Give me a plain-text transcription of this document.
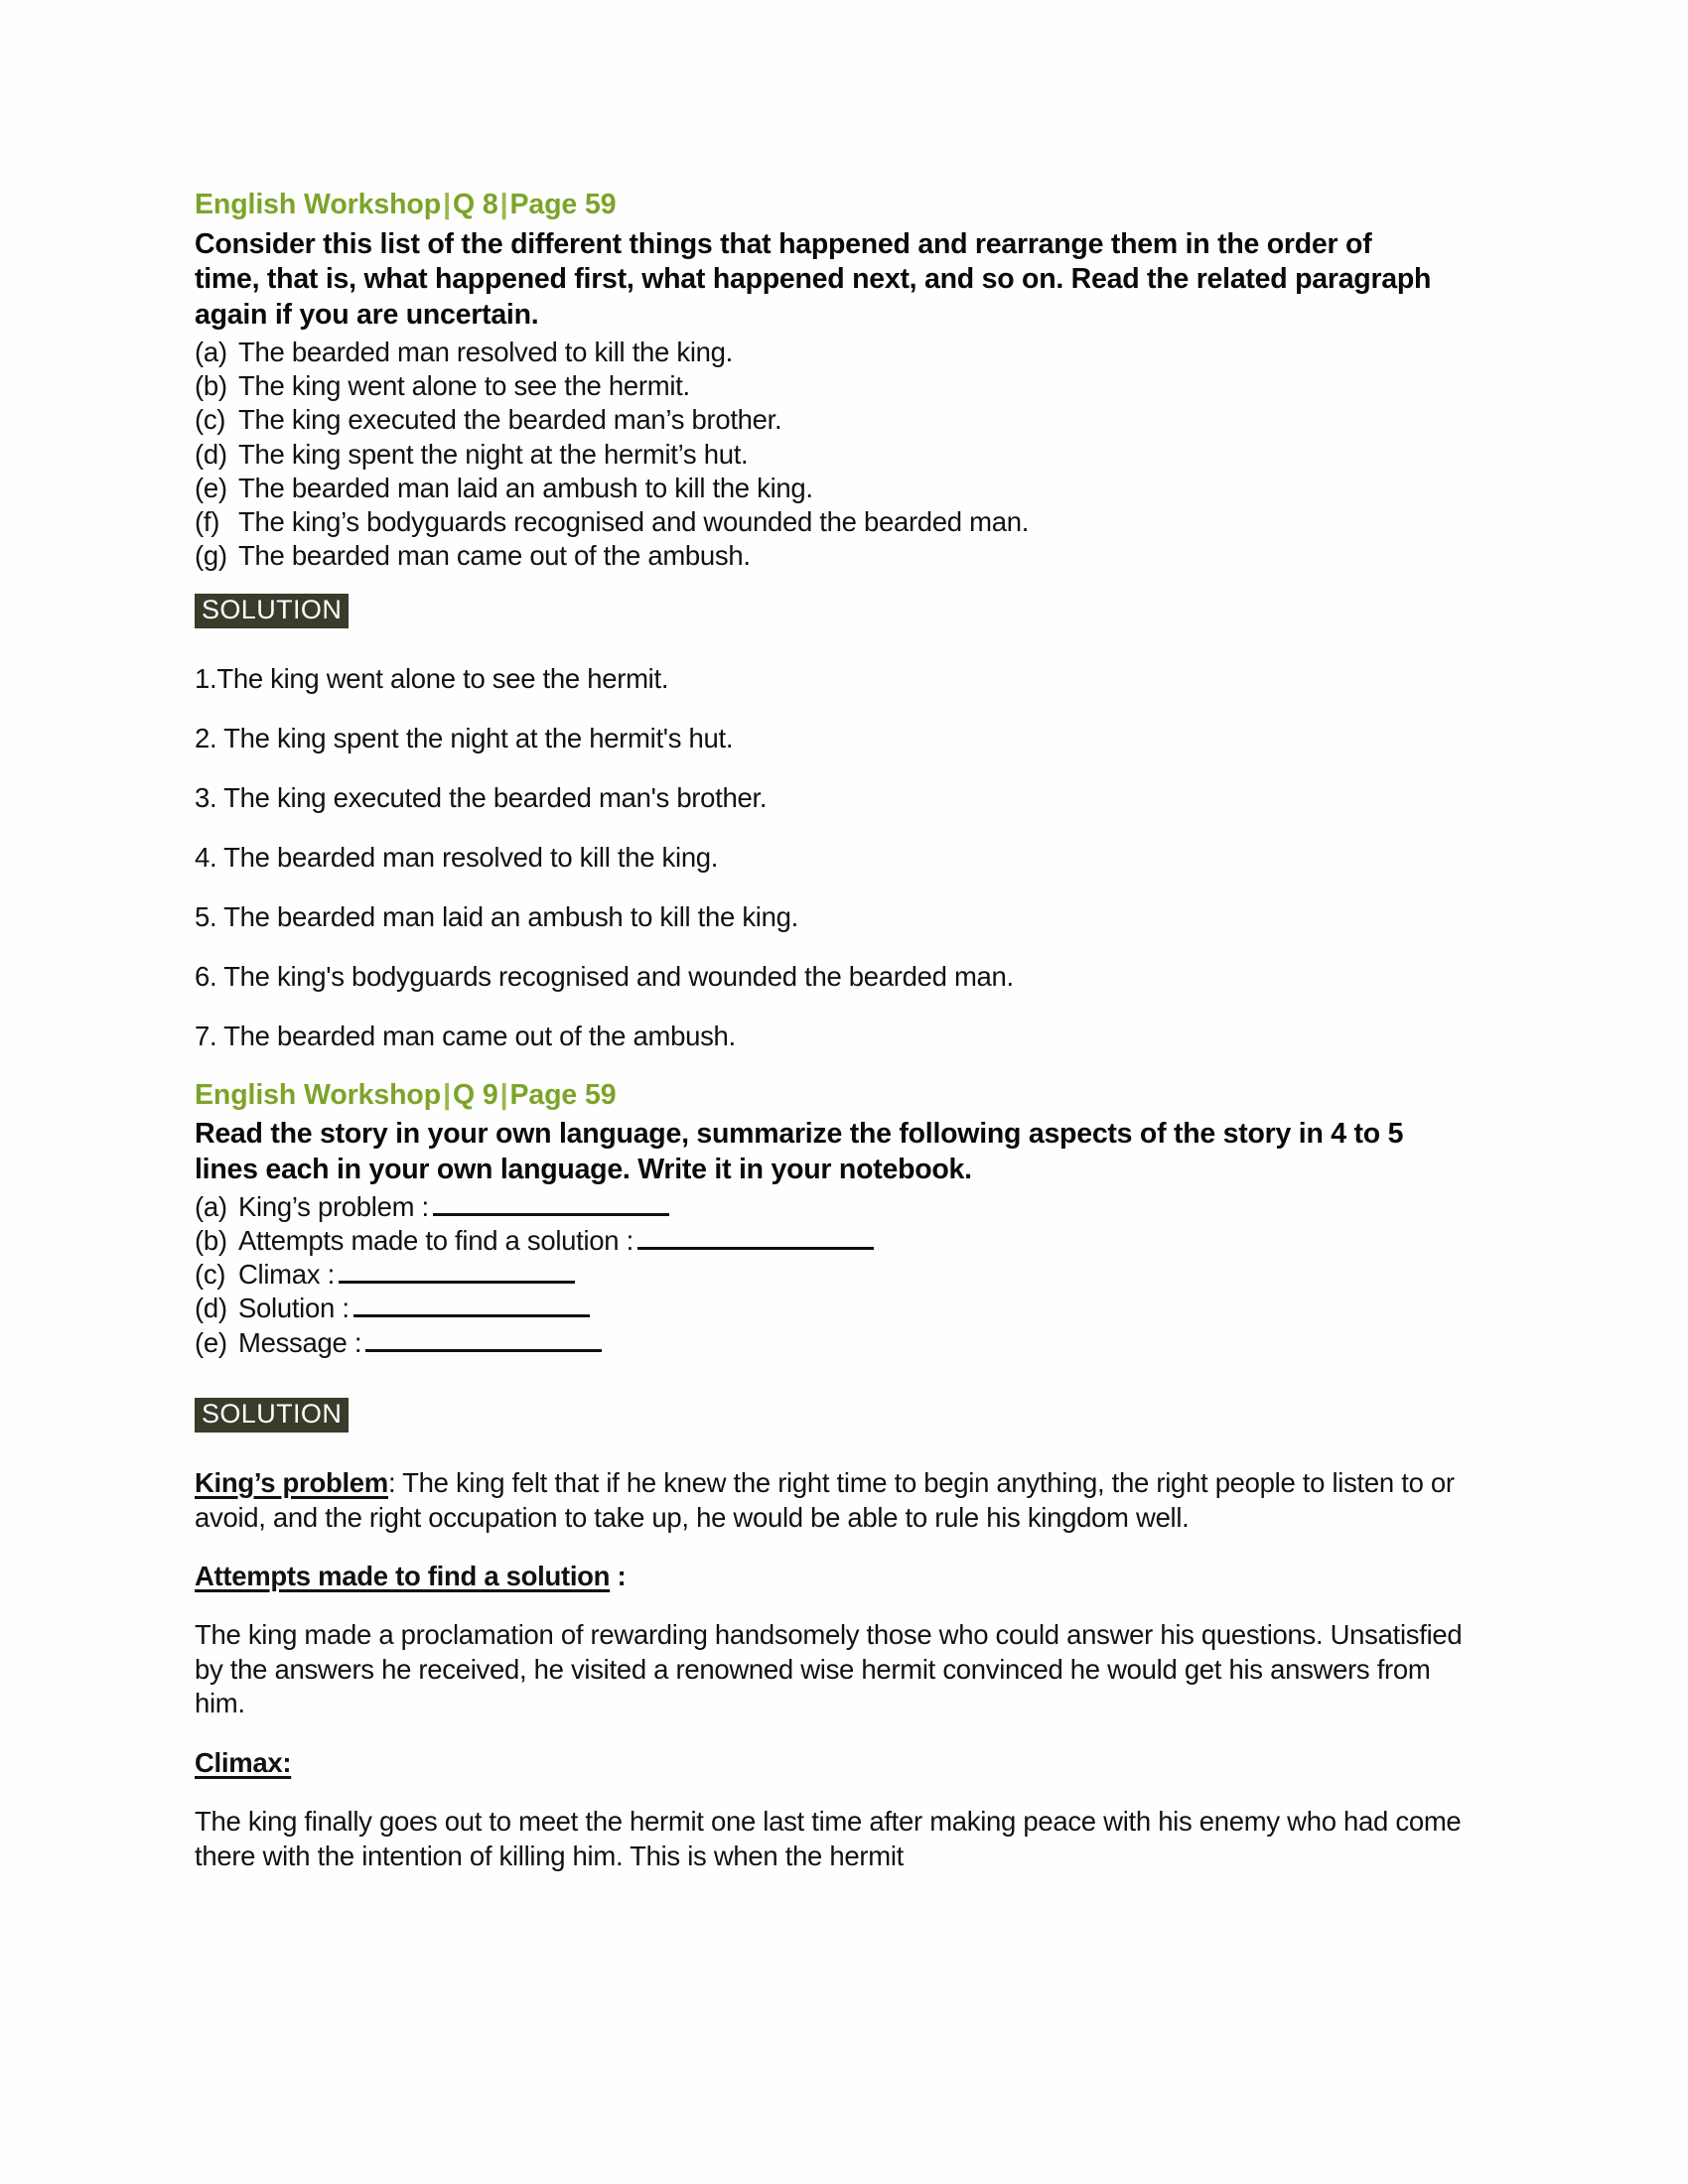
English Workshop|Q 8|Page 59

Consider this list of the different things that happened and rearrange them in the order of time, that is, what happened first, what happened next, and so on. Read the related paragraph again if you are uncertain.

(a) The bearded man resolved to kill the king.
(b) The king went alone to see the hermit.
(c) The king executed the bearded man’s brother.
(d) The king spent the night at the hermit’s hut.
(e) The bearded man laid an ambush to kill the king.
(f) The king’s bodyguards recognised and wounded the bearded man.
(g) The bearded man came out of the ambush.
SOLUTION
1.The king went alone to see the hermit.
2. The king spent the night at the hermit's hut.
3. The king executed the bearded man's brother.
4. The bearded man resolved to kill the king.
5. The bearded man laid an ambush to kill the king.
6. The king's bodyguards recognised and wounded the bearded man.
7. The bearded man came out of the ambush.
English Workshop|Q 9|Page 59

Read the story in your own language, summarize the following aspects of the story in 4 to 5 lines each in your own language. Write it in your notebook.

(a) King’s problem :
(b) Attempts made to find a solution :
(c) Climax :
(d) Solution :
(e) Message :
SOLUTION

King’s problem: The king felt that if he knew the right time to begin anything, the right people to listen to or avoid, and the right occupation to take up, he would be able to rule his kingdom well.

Attempts made to find a solution :

The king made a proclamation of rewarding handsomely those who could answer his questions. Unsatisfied by the answers he received, he visited a renowned wise hermit convinced he would get his answers from him.

Climax:

The king finally goes out to meet the hermit one last time after making peace with his enemy who had come there with the intention of killing him. This is when the hermit
